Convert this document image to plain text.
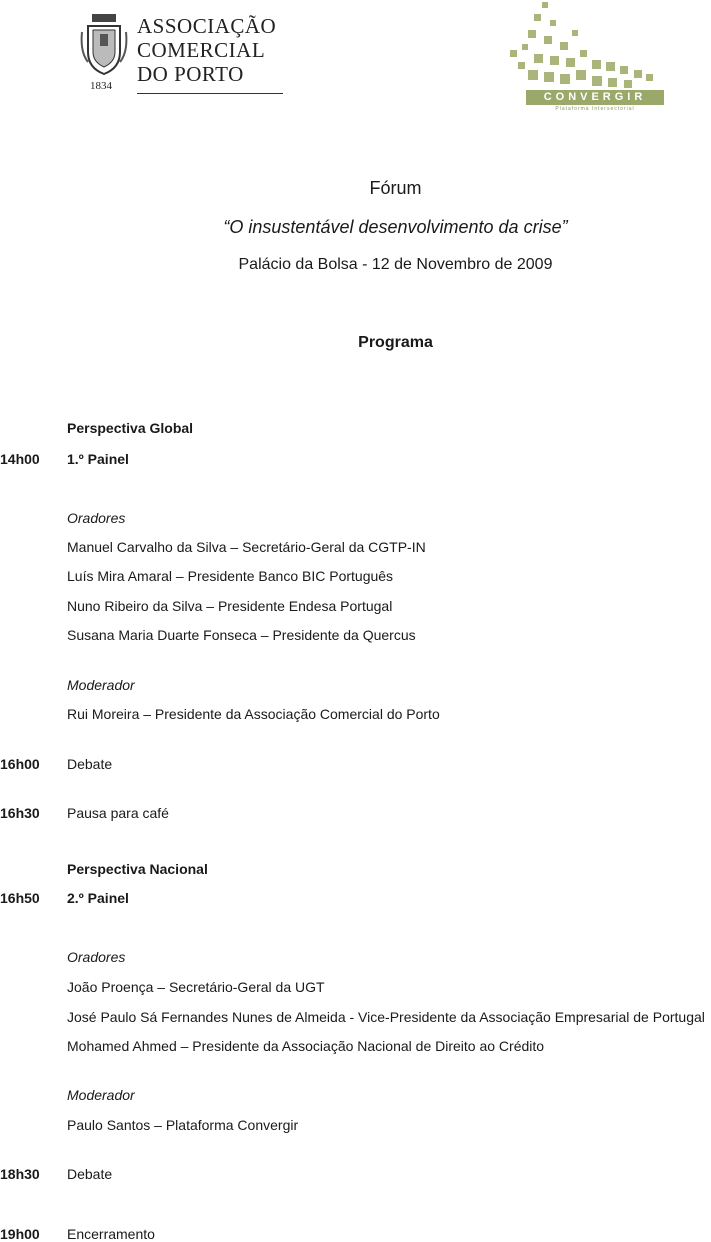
1834
ASSOCIAÇÃO
COMERCIAL
DO PORTO
CONVERGIR
Plataforma Intersectorial
Fórum
“O insustentável desenvolvimento da crise”
Palácio da Bolsa - 12 de Novembro de 2009
Programa
Perspectiva Global
14h00 1.º Painel
Oradores
Manuel Carvalho da Silva – Secretário-Geral da CGTP-IN
Luís Mira Amaral – Presidente Banco BIC Português
Nuno Ribeiro da Silva – Presidente Endesa Portugal
Susana Maria Duarte Fonseca – Presidente da Quercus
Moderador
Rui Moreira – Presidente da Associação Comercial do Porto
16h00 Debate
16h30 Pausa para café
Perspectiva Nacional
16h50 2.º Painel
Oradores
João Proença – Secretário-Geral da UGT
José Paulo Sá Fernandes Nunes de Almeida - Vice-Presidente da Associação Empresarial de Portugal
Mohamed Ahmed – Presidente da Associação Nacional de Direito ao Crédito
Moderador
Paulo Santos – Plataforma Convergir
18h30 Debate
19h00 Encerramento
